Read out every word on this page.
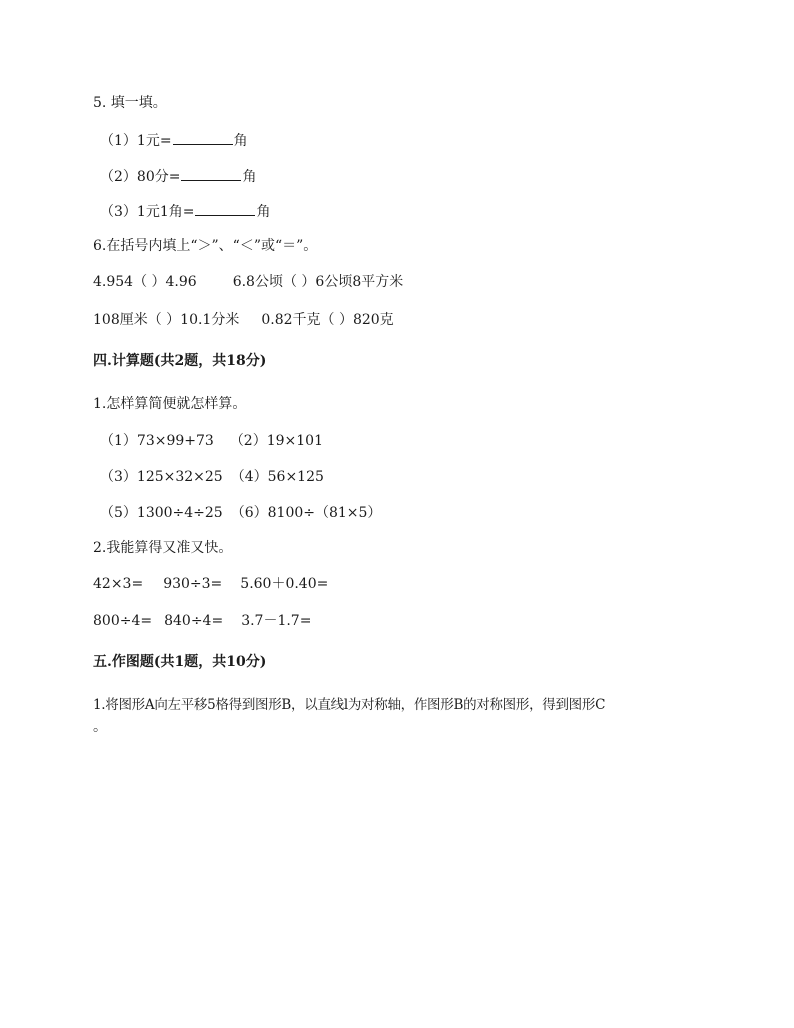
5. 填一填。
（1）1元=	角
（2）80分=	角
（3）1元1角=	角
6.在括号内填上“＞”、“＜”或“＝”。
4.954（ ）4.96	6.8公顷（ ）6公顷8平方米
108厘米（ ）10.1分米 0.82千克（ ）820克
四.计算题(共2题，共18分)
1.怎样算简便就怎样算。
（1）73×99+73 （2）19×101
（3）125×32×25 （4）56×125
（5）1300÷4÷25 （6）8100÷（81×5）
2.我能算得又准又快。
42×3= 930÷3= 5.60＋0.40=
800÷4= 840÷4= 3.7－1.7=
五.作图题(共1题，共10分)
1.将图形A向左平移5格得到图形B，以直线l为对称轴，作图形B的对称图形，得到图形C
。
